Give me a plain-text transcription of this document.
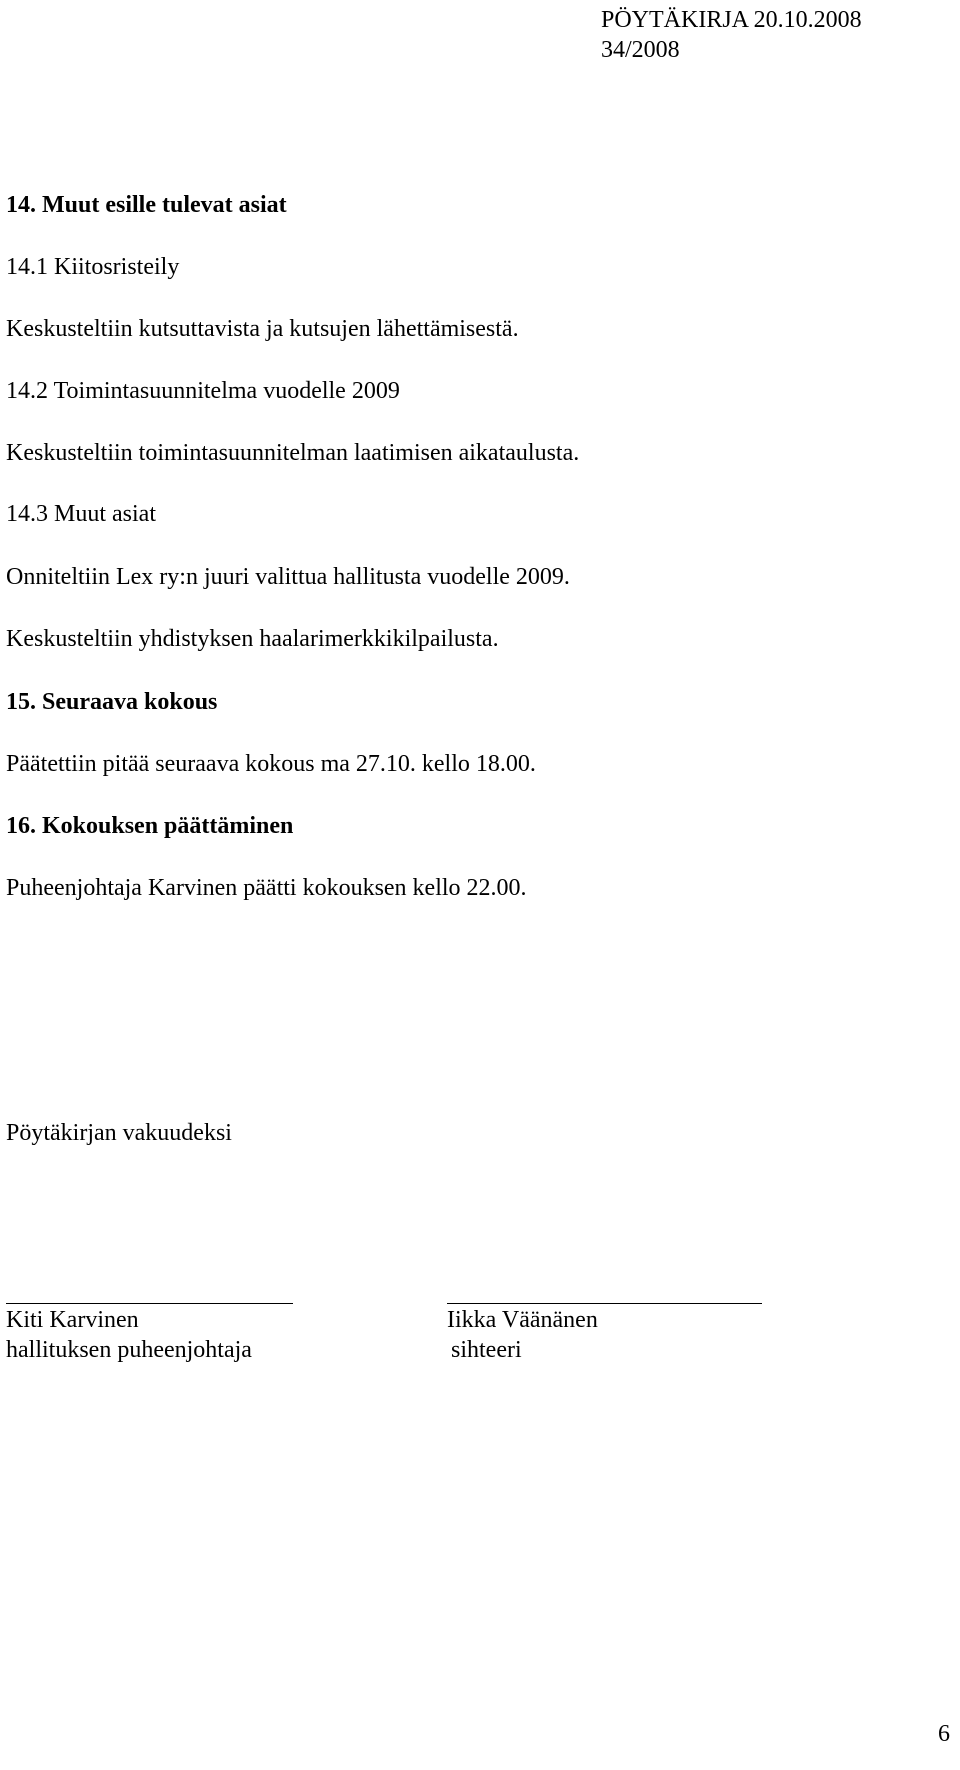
PÖYTÄKIRJA 20.10.2008
34/2008
14. Muut esille tulevat asiat
14.1 Kiitosristeily
Keskusteltiin kutsuttavista ja kutsujen lähettämisestä.
14.2 Toimintasuunnitelma vuodelle 2009
Keskusteltiin toimintasuunnitelman laatimisen aikataulusta.
14.3 Muut asiat
Onniteltiin Lex ry:n juuri valittua hallitusta vuodelle 2009.
Keskusteltiin yhdistyksen haalarimerkkikilpailusta.
15. Seuraava kokous
Päätettiin pitää seuraava kokous ma 27.10. kello 18.00.
16. Kokouksen päättäminen
Puheenjohtaja Karvinen päätti kokouksen kello 22.00.
Pöytäkirjan vakuudeksi
Kiti Karvinen
hallituksen puheenjohtaja
Iikka Väänänen
sihteeri
6
